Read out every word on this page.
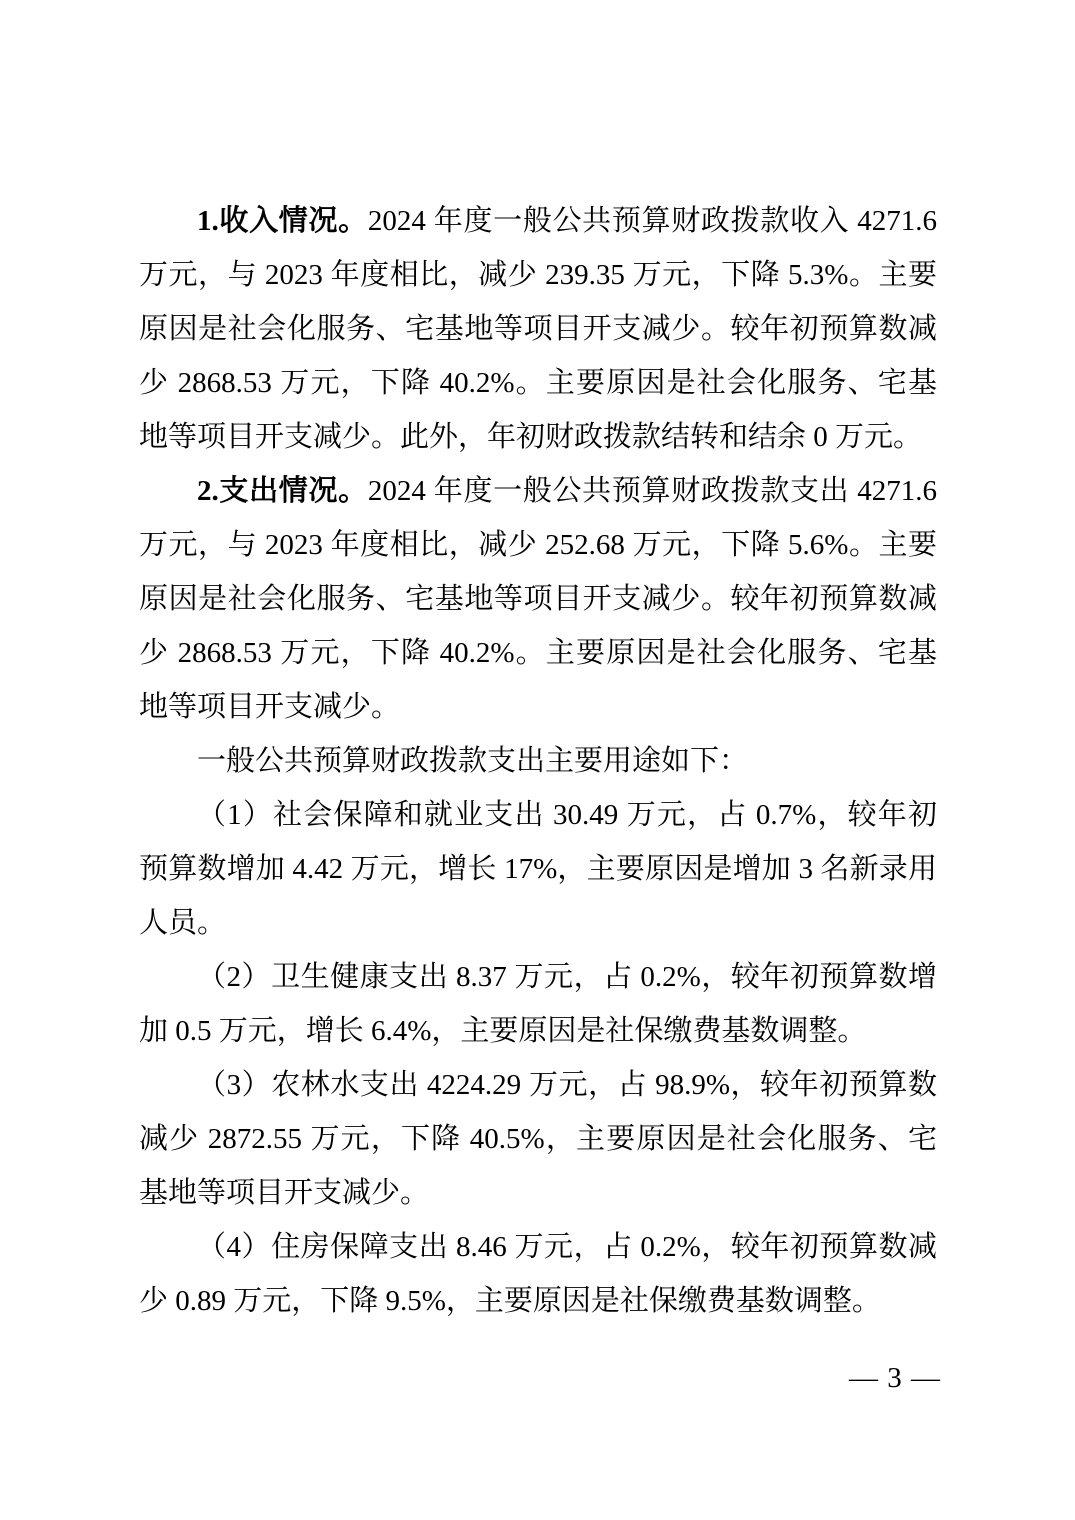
1.收入情况。2024 年度一般公共预算财政拨款收入 4271.6 万元，与 2023 年度相比，减少 239.35 万元，下降 5.3%。主要原因是社会化服务、宅基地等项目开支减少。较年初预算数减少 2868.53 万元，下降 40.2%。主要原因是社会化服务、宅基地等项目开支减少。此外，年初财政拨款结转和结余 0 万元。

2.支出情况。2024 年度一般公共预算财政拨款支出 4271.6 万元，与 2023 年度相比，减少 252.68 万元，下降 5.6%。主要原因是社会化服务、宅基地等项目开支减少。较年初预算数减少 2868.53 万元，下降 40.2%。主要原因是社会化服务、宅基地等项目开支减少。

一般公共预算财政拨款支出主要用途如下：

（1）社会保障和就业支出 30.49 万元，占 0.7%，较年初预算数增加 4.42 万元，增长 17%，主要原因是增加 3 名新录用人员。

（2）卫生健康支出 8.37 万元，占 0.2%，较年初预算数增加 0.5 万元，增长 6.4%，主要原因是社保缴费基数调整。

（3）农林水支出 4224.29 万元，占 98.9%，较年初预算数减少 2872.55 万元，下降 40.5%，主要原因是社会化服务、宅基地等项目开支减少。

（4）住房保障支出 8.46 万元，占 0.2%，较年初预算数减少 0.89 万元，下降 9.5%，主要原因是社保缴费基数调整。

— 3 —
